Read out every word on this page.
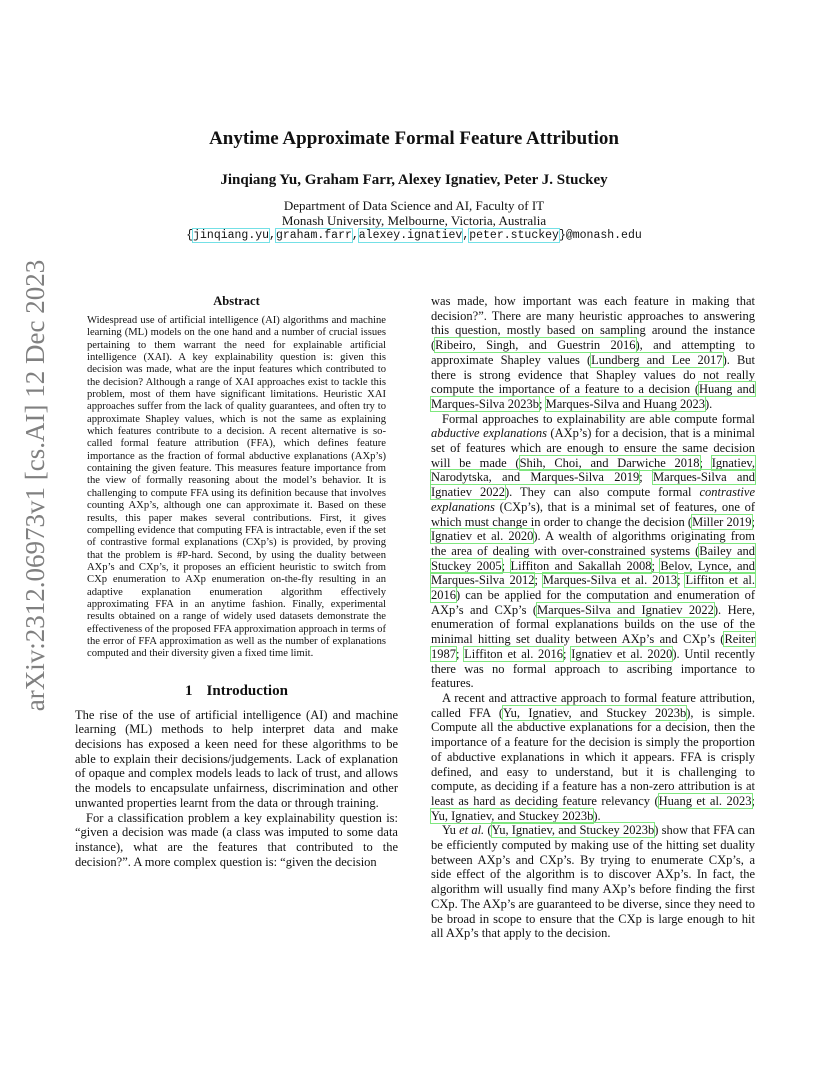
arXiv:2312.06973v1 [cs.AI] 12 Dec 2023
Anytime Approximate Formal Feature Attribution
Jinqiang Yu, Graham Farr, Alexey Ignatiev, Peter J. Stuckey
Department of Data Science and AI, Faculty of IT
Monash University, Melbourne, Victoria, Australia
{jinqiang.yu,graham.farr,alexey.ignatiev,peter.stuckey}@monash.edu
Abstract

Widespread use of artificial intelligence (AI) algorithms and machine learning (ML) models on the one hand and a number of crucial issues pertaining to them warrant the need for explainable artificial intelligence (XAI). A key explainability question is: given this decision was made, what are the input features which contributed to the decision? Although a range of XAI approaches exist to tackle this problem, most of them have significant limitations. Heuristic XAI approaches suffer from the lack of quality guarantees, and often try to approximate Shapley values, which is not the same as explaining which features contribute to a decision. A recent alternative is so-called formal feature attribution (FFA), which defines feature importance as the fraction of formal abductive explanations (AXp’s) containing the given feature. This measures feature importance from the view of formally reasoning about the model’s behavior. It is challenging to compute FFA using its definition because that involves counting AXp’s, although one can approximate it. Based on these results, this paper makes several contributions. First, it gives compelling evidence that computing FFA is intractable, even if the set of contrastive formal explanations (CXp’s) is provided, by proving that the problem is #P-hard. Second, by using the duality between AXp’s and CXp’s, it proposes an efficient heuristic to switch from CXp enumeration to AXp enumeration on-the-fly resulting in an adaptive explanation enumeration algorithm effectively approximating FFA in an anytime fashion. Finally, experimental results obtained on a range of widely used datasets demonstrate the effectiveness of the proposed FFA approximation approach in terms of the error of FFA approximation as well as the number of explanations computed and their diversity given a fixed time limit.

1 Introduction

The rise of the use of artificial intelligence (AI) and machine learning (ML) methods to help interpret data and make decisions has exposed a keen need for these algorithms to be able to explain their decisions/judgements. Lack of explanation of opaque and complex models leads to lack of trust, and allows the models to encapsulate unfairness, discrimination and other unwanted properties learnt from the data or through training.

For a classification problem a key explainability question is: “given a decision was made (a class was imputed to some data instance), what are the features that contributed to the decision?”. A more complex question is: “given the decision

was made, how important was each feature in making that decision?”. There are many heuristic approaches to answering this question, mostly based on sampling around the instance (Ribeiro, Singh, and Guestrin 2016), and attempting to approximate Shapley values (Lundberg and Lee 2017). But there is strong evidence that Shapley values do not really compute the importance of a feature to a decision (Huang and Marques-Silva 2023b; Marques-Silva and Huang 2023).

Formal approaches to explainability are able compute formal abductive explanations (AXp’s) for a decision, that is a minimal set of features which are enough to ensure the same decision will be made (Shih, Choi, and Darwiche 2018; Ignatiev, Narodytska, and Marques-Silva 2019; Marques-Silva and Ignatiev 2022). They can also compute formal contrastive explanations (CXp’s), that is a minimal set of features, one of which must change in order to change the decision (Miller 2019; Ignatiev et al. 2020). A wealth of algorithms originating from the area of dealing with over-constrained systems (Bailey and Stuckey 2005; Liffiton and Sakallah 2008; Belov, Lynce, and Marques-Silva 2012; Marques-Silva et al. 2013; Liffiton et al. 2016) can be applied for the computation and enumeration of AXp’s and CXp’s (Marques-Silva and Ignatiev 2022). Here, enumeration of formal explanations builds on the use of the minimal hitting set duality between AXp’s and CXp’s (Reiter 1987; Liffiton et al. 2016; Ignatiev et al. 2020). Until recently there was no formal approach to ascribing importance to features.

A recent and attractive approach to formal feature attribution, called FFA (Yu, Ignatiev, and Stuckey 2023b), is simple. Compute all the abductive explanations for a decision, then the importance of a feature for the decision is simply the proportion of abductive explanations in which it appears. FFA is crisply defined, and easy to understand, but it is challenging to compute, as deciding if a feature has a non-zero attribution is at least as hard as deciding feature relevancy (Huang et al. 2023; Yu, Ignatiev, and Stuckey 2023b).

Yu et al. (Yu, Ignatiev, and Stuckey 2023b) show that FFA can be efficiently computed by making use of the hitting set duality between AXp’s and CXp’s. By trying to enumerate CXp’s, a side effect of the algorithm is to discover AXp’s. In fact, the algorithm will usually find many AXp’s before finding the first CXp. The AXp’s are guaranteed to be diverse, since they need to be broad in scope to ensure that the CXp is large enough to hit all AXp’s that apply to the decision.
